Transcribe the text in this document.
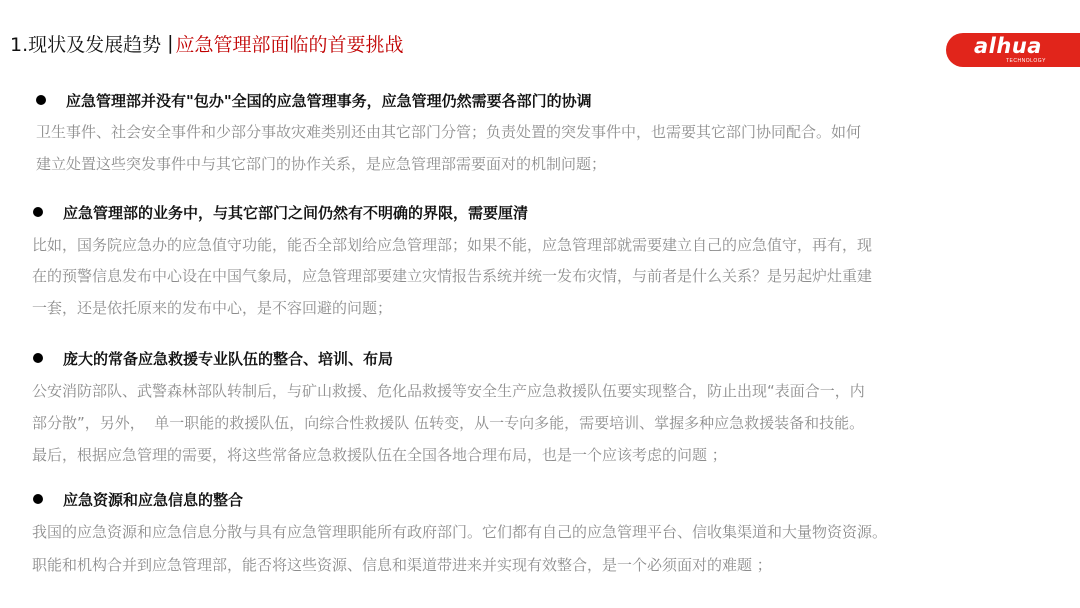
1.现状及发展趋势 | 应急管理部面临的首要挑战	alhua
TECHNOLOGY
应急管理部并没有"包办"全国的应急管理事务，应急管理仍然需要各部门的协调
卫生事件、社会安全事件和少部分事故灾难类别还由其它部门分管；负责处置的突发事件中，也需要其它部门协同配合。如何
建立处置这些突发事件中与其它部门的协作关系，是应急管理部需要面对的机制问题；
应急管理部的业务中，与其它部门之间仍然有不明确的界限，需要厘清
比如，国务院应急办的应急值守功能，能否全部划给应急管理部；如果不能，应急管理部就需要建立自己的应急值守，再有，现
在的预警信息发布中心设在中国气象局，应急管理部要建立灾情报告系统并统一发布灾情，与前者是什么关系？是另起炉灶重建
一套，还是依托原来的发布中心，是不容回避的问题；
庞大的常备应急救援专业队伍的整合、培训、布局
公安消防部队、武警森林部队转制后，与矿山救援、危化品救援等安全生产应急救援队伍要实现整合，防止出现“表面合一，内
部分散”，另外，  单一职能的救援队伍，向综合性救援队 伍转变，从一专向多能，需要培训、掌握多种应急救援装备和技能。
最后，根据应急管理的需要，将这些常备应急救援队伍在全国各地合理布局，也是一个应该考虑的问题 ；
应急资源和应急信息的整合
我国的应急资源和应急信息分散与具有应急管理职能所有政府部门。它们都有自己的应急管理平台、信收集渠道和大量物资资源。
职能和机构合并到应急管理部，能否将这些资源、信息和渠道带进来并实现有效整合，是一个必须面对的难题 ；
